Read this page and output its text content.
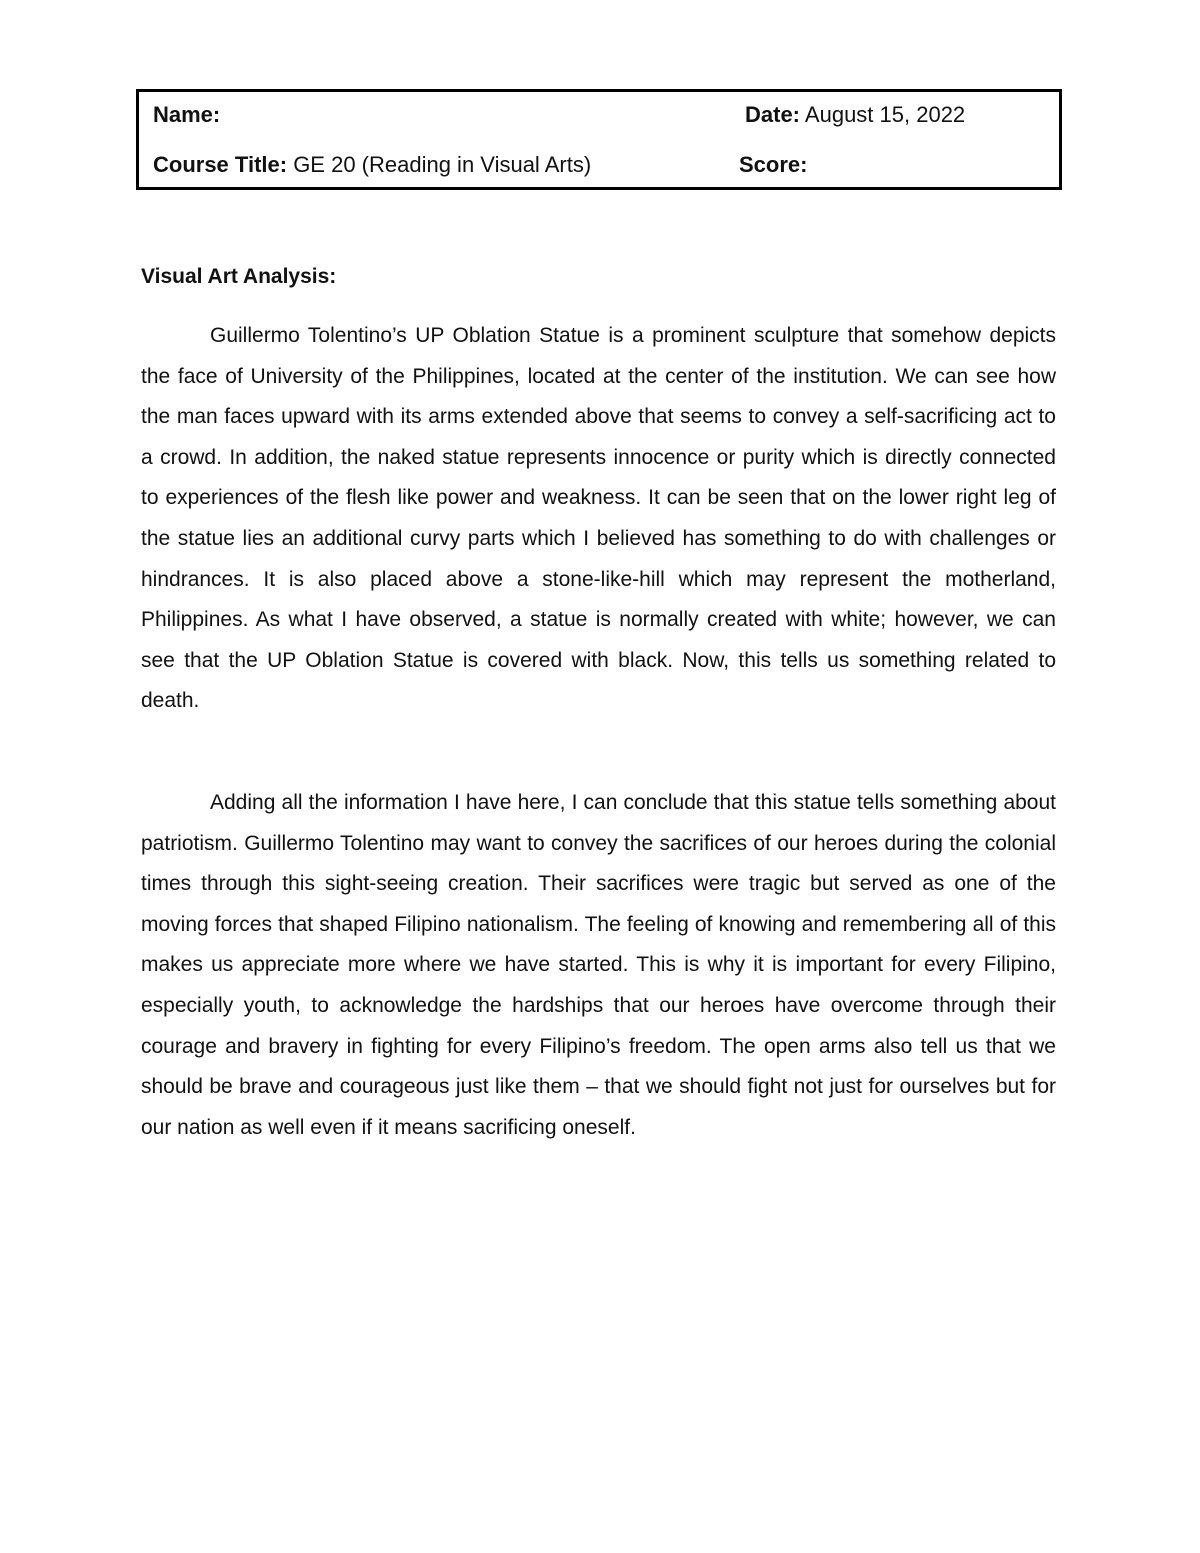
Name:	Date: August 15, 2022
Course Title: GE 20 (Reading in Visual Arts)	Score:
Visual Art Analysis:

Guillermo Tolentino’s UP Oblation Statue is a prominent sculpture that somehow depicts the face of University of the Philippines, located at the center of the institution. We can see how the man faces upward with its arms extended above that seems to convey a self-sacrificing act to a crowd. In addition, the naked statue represents innocence or purity which is directly connected to experiences of the flesh like power and weakness. It can be seen that on the lower right leg of the statue lies an additional curvy parts which I believed has something to do with challenges or hindrances. It is also placed above a stone-like-hill which may represent the motherland, Philippines. As what I have observed, a statue is normally created with white; however, we can see that the UP Oblation Statue is covered with black. Now, this tells us something related to death.

Adding all the information I have here, I can conclude that this statue tells something about patriotism. Guillermo Tolentino may want to convey the sacrifices of our heroes during the colonial times through this sight-seeing creation. Their sacrifices were tragic but served as one of the moving forces that shaped Filipino nationalism. The feeling of knowing and remembering all of this makes us appreciate more where we have started. This is why it is important for every Filipino, especially youth, to acknowledge the hardships that our heroes have overcome through their courage and bravery in fighting for every Filipino’s freedom. The open arms also tell us that we should be brave and courageous just like them – that we should fight not just for ourselves but for our nation as well even if it means sacrificing oneself.
